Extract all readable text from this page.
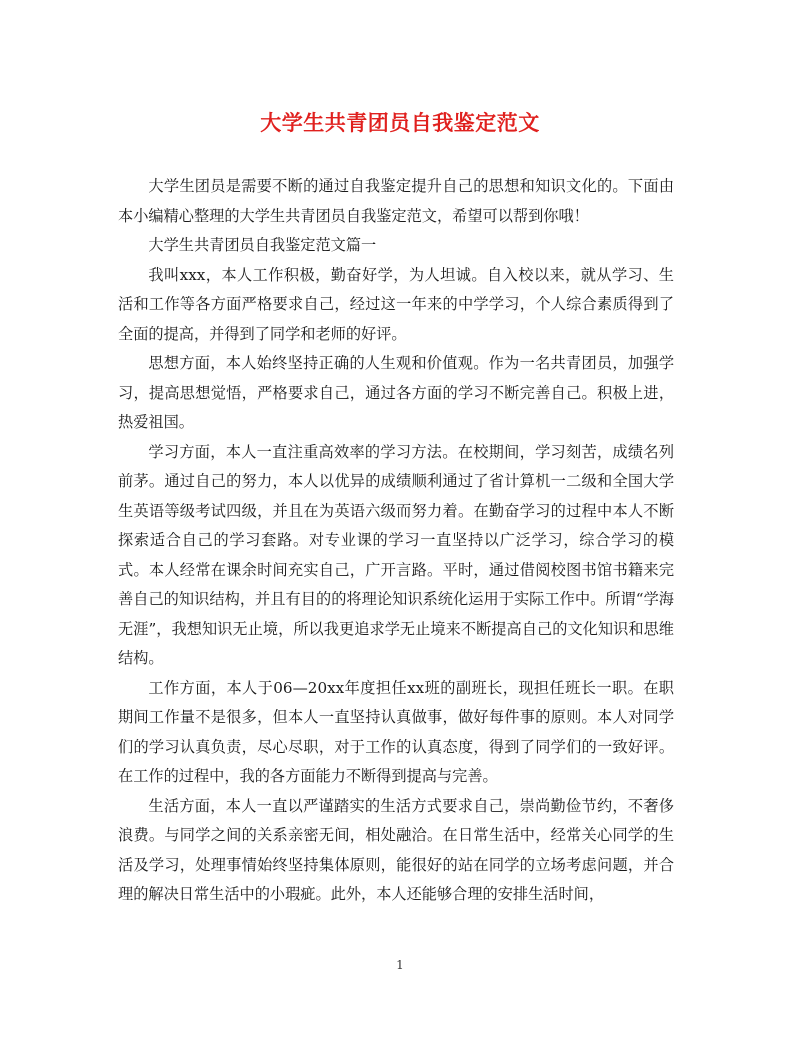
大学生共青团员自我鉴定范文

大学生团员是需要不断的通过自我鉴定提升自己的思想和知识文化的。下面由本小编精心整理的大学生共青团员自我鉴定范文，希望可以帮到你哦！

大学生共青团员自我鉴定范文篇一

我叫xxx，本人工作积极，勤奋好学，为人坦诚。自入校以来，就从学习、生活和工作等各方面严格要求自己，经过这一年来的中学学习，个人综合素质得到了全面的提高，并得到了同学和老师的好评。

思想方面，本人始终坚持正确的人生观和价值观。作为一名共青团员，加强学习，提高思想觉悟，严格要求自己，通过各方面的学习不断完善自己。积极上进，热爱祖国。

学习方面，本人一直注重高效率的学习方法。在校期间，学习刻苦，成绩名列前茅。通过自己的努力，本人以优异的成绩顺利通过了省计算机一二级和全国大学生英语等级考试四级，并且在为英语六级而努力着。在勤奋学习的过程中本人不断探索适合自己的学习套路。对专业课的学习一直坚持以广泛学习，综合学习的模式。本人经常在课余时间充实自己，广开言路。平时，通过借阅校图书馆书籍来完善自己的知识结构，并且有目的的将理论知识系统化运用于实际工作中。所谓“学海无涯”，我想知识无止境，所以我更追求学无止境来不断提高自己的文化知识和思维结构。

工作方面，本人于06—20xx年度担任xx班的副班长，现担任班长一职。在职期间工作量不是很多，但本人一直坚持认真做事，做好每件事的原则。本人对同学们的学习认真负责，尽心尽职，对于工作的认真态度，得到了同学们的一致好评。在工作的过程中，我的各方面能力不断得到提高与完善。

生活方面，本人一直以严谨踏实的生活方式要求自己，崇尚勤俭节约，不奢侈浪费。与同学之间的关系亲密无间，相处融洽。在日常生活中，经常关心同学的生活及学习，处理事情始终坚持集体原则，能很好的站在同学的立场考虑问题，并合理的解决日常生活中的小瑕疵。此外，本人还能够合理的安排生活时间，

1
